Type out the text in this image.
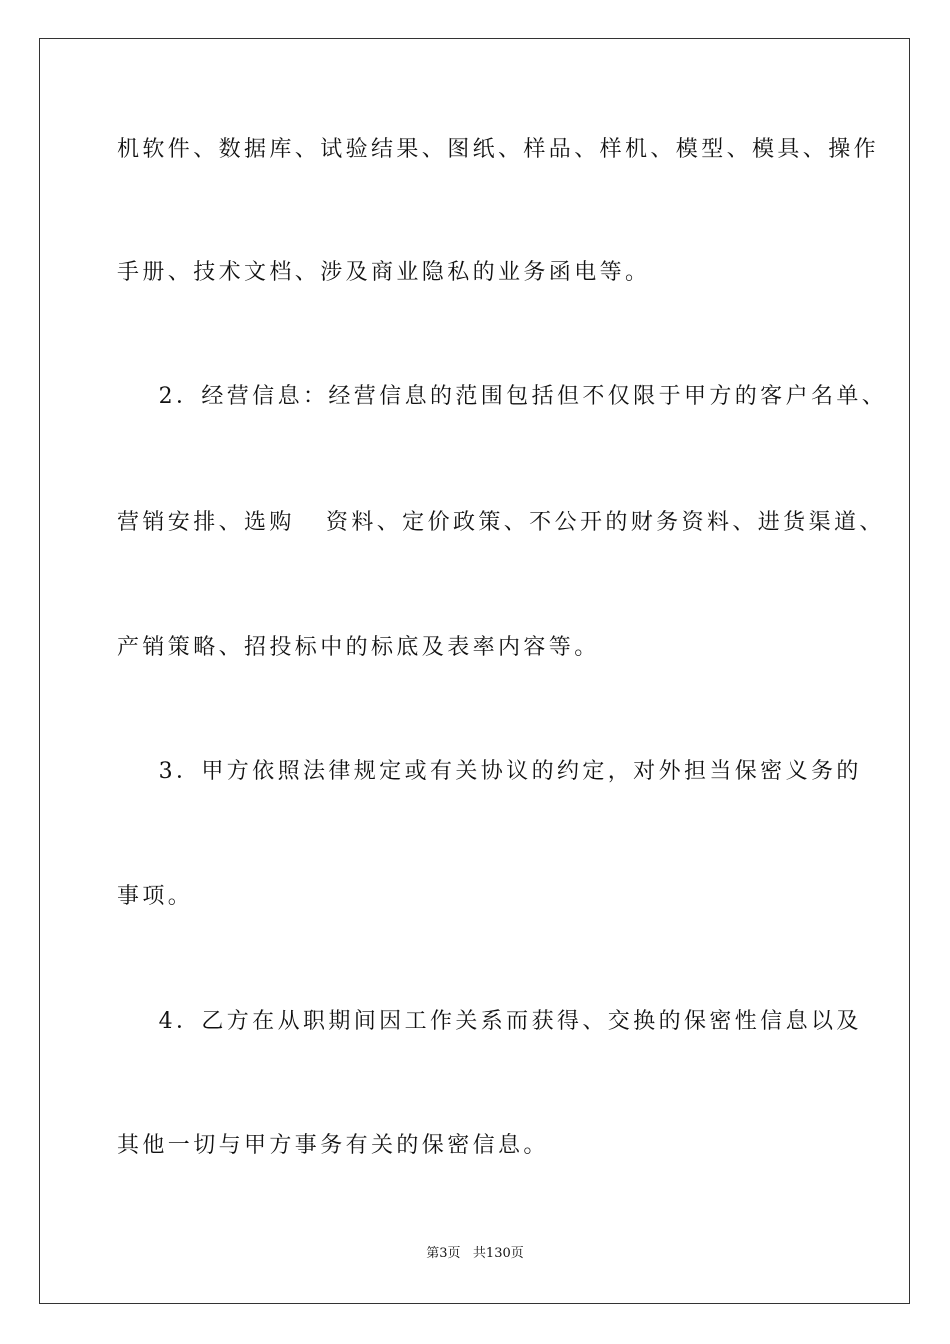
机软件、数据库、试验结果、图纸、样品、样机、模型、模具、操作
手册、技术文档、涉及商业隐私的业务函电等。
2．经营信息：经营信息的范围包括但不仅限于甲方的客户名单、
营销安排、选购   资料、定价政策、不公开的财务资料、进货渠道、
产销策略、招投标中的标底及表率内容等。
3．甲方依照法律规定或有关协议的约定，对外担当保密义务的
事项。
4．乙方在从职期间因工作关系而获得、交换的保密性信息以及
其他一切与甲方事务有关的保密信息。
第3页   共130页
